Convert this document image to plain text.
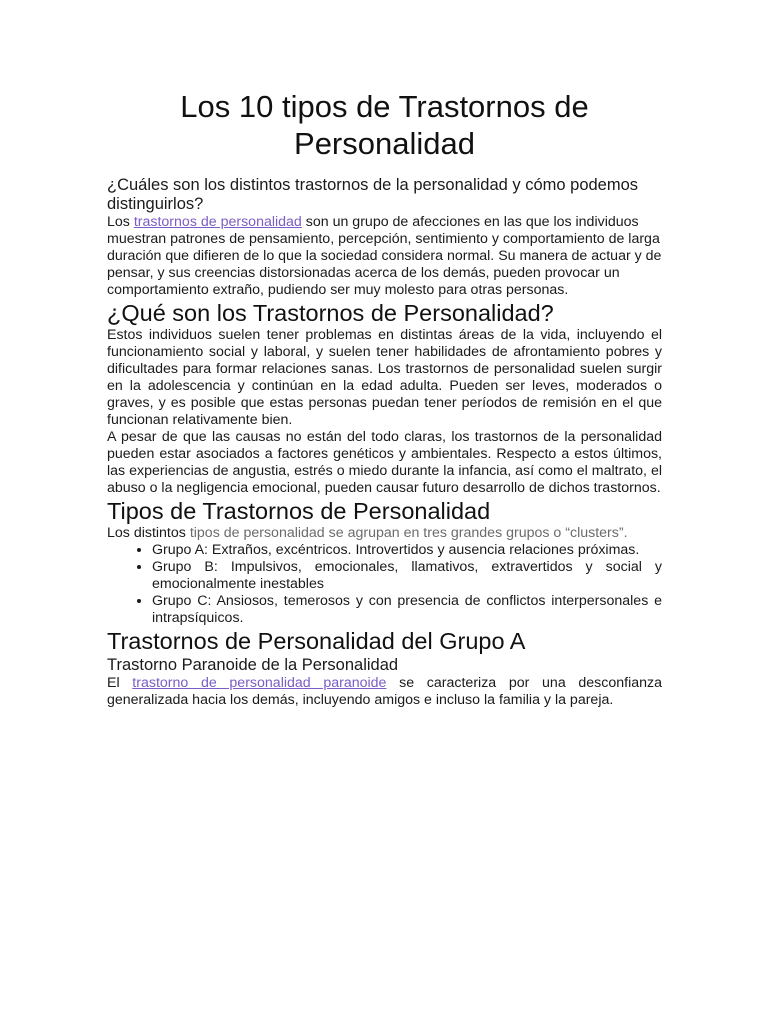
Los 10 tipos de Trastornos de Personalidad
¿Cuáles son los distintos trastornos de la personalidad y cómo podemos distinguirlos?

Los trastornos de personalidad son un grupo de afecciones en las que los individuos muestran patrones de pensamiento, percepción, sentimiento y comportamiento de larga duración que difieren de lo que la sociedad considera normal. Su manera de actuar y de pensar, y sus creencias distorsionadas acerca de los demás, pueden provocar un comportamiento extraño, pudiendo ser muy molesto para otras personas.

¿Qué son los Trastornos de Personalidad?

Estos individuos suelen tener problemas en distintas áreas de la vida, incluyendo el funcionamiento social y laboral, y suelen tener habilidades de afrontamiento pobres y dificultades para formar relaciones sanas. Los trastornos de personalidad suelen surgir en la adolescencia y continúan en la edad adulta. Pueden ser leves, moderados o graves, y es posible que estas personas puedan tener períodos de remisión en el que funcionan relativamente bien.

A pesar de que las causas no están del todo claras, los trastornos de la personalidad pueden estar asociados a factores genéticos y ambientales. Respecto a estos últimos, las experiencias de angustia, estrés o miedo durante la infancia, así como el maltrato, el abuso o la negligencia emocional, pueden causar futuro desarrollo de dichos trastornos.

Tipos de Trastornos de Personalidad

Los distintos tipos de personalidad se agrupan en tres grandes grupos o “clusters”.

• Grupo A: Extraños, excéntricos. Introvertidos y ausencia relaciones próximas.
• Grupo B: Impulsivos, emocionales, llamativos, extravertidos y social y emocionalmente inestables
• Grupo C: Ansiosos, temerosos y con presencia de conflictos interpersonales e intrapsíquicos.
Trastornos de Personalidad del Grupo A
Trastorno Paranoide de la Personalidad

El trastorno de personalidad paranoide se caracteriza por una desconfianza generalizada hacia los demás, incluyendo amigos e incluso la familia y la pareja.
